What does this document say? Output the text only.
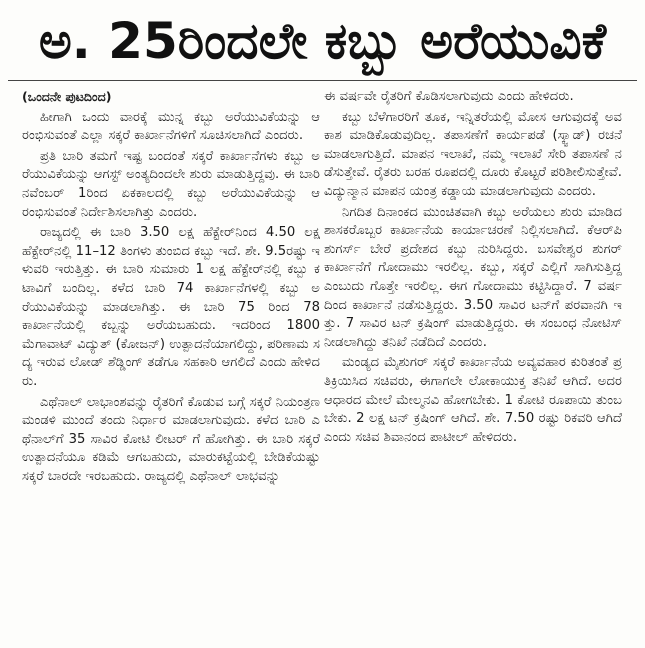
ಅ. 25ರಿಂದಲೇ ಕಬ್ಬು ಅರೆಯುವಿಕೆ

(ಒಂದನೇ ಪುಟದಿಂದ)

ಹೀಗಾಗಿ ಒಂದು ವಾರಕ್ಕೆ ಮುನ್ನ ಕಬ್ಬು ಅರೆಯುವಿಕೆಯನ್ನು ಆರಂಭಿಸುವಂತೆ ಎಲ್ಲಾ ಸಕ್ಕರೆ ಕಾರ್ಖಾನೆಗಳಿಗೆ ಸೂಚಿಸಲಾಗಿದೆ ಎಂದರು.

ಪ್ರತಿ ಬಾರಿ ತಮಗೆ ಇಷ್ಟ ಬಂದಂತೆ ಸಕ್ಕರೆ ಕಾರ್ಖಾನೆಗಳು ಕಬ್ಬು ಅರೆಯುವಿಕೆಯನ್ನು ಆಗಸ್ಟ್ ಅಂತ್ಯದಿಂದಲೇ ಶುರು ಮಾಡುತ್ತಿದ್ದವು. ಈ ಬಾರಿ ನವೆಂಬರ್ 1ರಿಂದ ಏಕಕಾಲದಲ್ಲಿ ಕಬ್ಬು ಅರೆಯುವಿಕೆಯನ್ನು ಆರಂಭಿಸುವಂತೆ ನಿರ್ದೇಶಿಸಲಾಗಿತ್ತು ಎಂದರು.

ರಾಜ್ಯದಲ್ಲಿ ಈ ಬಾರಿ 3.50 ಲಕ್ಷ ಹೆಕ್ಟೇರ್‌ನಿಂದ 4.50 ಲಕ್ಷ ಹೆಕ್ಟೇರ್‌ನಲ್ಲಿ 11–12 ತಿಂಗಳು ತುಂಬಿದ ಕಬ್ಬು ಇದೆ. ಶೇ. 9.5ರಷ್ಟು ಇಳುವರಿ ಇರುತ್ತಿತ್ತು. ಈ ಬಾರಿ ಸುಮಾರು 1 ಲಕ್ಷ ಹೆಕ್ಟೇರ್‌ನಲ್ಲಿ ಕಬ್ಬು ಕಟಾವಿಗೆ ಬಂದಿಲ್ಲ. ಕಳೆದ ಬಾರಿ 74 ಕಾರ್ಖಾನೆಗಳಲ್ಲಿ ಕಬ್ಬು ಅರೆಯುವಿಕೆಯನ್ನು ಮಾಡಲಾಗಿತ್ತು. ಈ ಬಾರಿ 75 ರಿಂದ 78 ಕಾರ್ಖಾನೆಯಲ್ಲಿ ಕಬ್ಬನ್ನು ಅರೆಯಬಹುದು. ಇದರಿಂದ 1800 ಮೆಗಾವಾಟ್ ವಿದ್ಯುತ್ (ಕೋಜನ್) ಉತ್ಪಾದನೆಯಾಗಲಿದ್ದು, ಪರಿಣಾಮ ಸದ್ಯ ಇರುವ ಲೋಡ್ ಶೆಡ್ಡಿಂಗ್ ತಡೆಗೂ ಸಹಕಾರಿ ಆಗಲಿದೆ ಎಂದು ಹೇಳಿದರು.

ಎಥೆನಾಲ್ ಲಾಭಾಂಶವನ್ನು ರೈತರಿಗೆ ಕೊಡುವ ಬಗ್ಗೆ ಸಕ್ಕರೆ ನಿಯಂತ್ರಣ ಮಂಡಳಿ ಮುಂದೆ ತಂದು ನಿರ್ಧಾರ ಮಾಡಲಾಗುವುದು. ಕಳೆದ ಬಾರಿ ಎಥೆನಾಲ್‌ಗೆ 35 ಸಾವಿರ ಕೋಟಿ ಲೀಟರ್ ಗೆ ಹೋಗಿತ್ತು. ಈ ಬಾರಿ ಸಕ್ಕರೆ ಉತ್ಪಾದನೆಯೂ ಕಡಿಮೆ ಆಗಬಹುದು, ಮಾರುಕಟ್ಟೆಯಲ್ಲಿ ಬೇಡಿಕೆಯಷ್ಟು ಸಕ್ಕರೆ ಬಾರದೇ ಇರಬಹುದು. ರಾಜ್ಯದಲ್ಲಿ ಎಥೆನಾಲ್ ಲಾಭವನ್ನು

ಈ ವರ್ಷವೇ ರೈತರಿಗೆ ಕೊಡಿಸಲಾಗುವುದು ಎಂದು ಹೇಳಿದರು.

ಕಬ್ಬು ಬೆಳೆಗಾರರಿಗೆ ತೂಕ, ಇನ್ನಿತರೆಯಲ್ಲಿ ಮೋಸ ಆಗುವುದಕ್ಕೆ ಅವಕಾಶ ಮಾಡಿಕೊಡುವುದಿಲ್ಲ. ತಪಾಸಣೆಗೆ ಕಾರ್ಯಪಡೆ (ಸ್ಕ್ವಾಡ್) ರಚನೆ ಮಾಡಲಾಗುತ್ತಿದೆ. ಮಾಪನ ಇಲಾಖೆ, ನಮ್ಮ ಇಲಾಖೆ ಸೇರಿ ತಪಾಸಣೆ ನಡೆಸುತ್ತೇವೆ. ರೈತರು ಬರಹ ರೂಪದಲ್ಲಿ ದೂರು ಕೊಟ್ಟರೆ ಪರಿಶೀಲಿಸುತ್ತೇವೆ. ವಿದ್ಯುನ್ಮಾನ ಮಾಪನ ಯಂತ್ರ ಕಡ್ಡಾಯ ಮಾಡಲಾಗುವುದು ಎಂದರು.

ನಿಗದಿತ ದಿನಾಂಕದ ಮುಂಚಿತವಾಗಿ ಕಬ್ಬು ಅರೆಯಲು ಶುರು ಮಾಡಿದ ಶಾಸಕರೊಬ್ಬರ ಕಾರ್ಖಾನೆಯ ಕಾರ್ಯಾಚರಣೆ ನಿಲ್ಲಿಸಲಾಗಿದೆ. ಕೆಆರ್‌ಪಿ ಶುಗರ್ಸ್ ಬೇರೆ ಪ್ರದೇಶದ ಕಬ್ಬು ನುರಿಸಿದ್ದರು. ಬಸವೇಶ್ವರ ಶುಗರ್ ಕಾರ್ಖಾನೆಗೆ ಗೋದಾಮು ಇರಲಿಲ್ಲ. ಕಬ್ಬು, ಸಕ್ಕರೆ ಎಲ್ಲಿಗೆ ಸಾಗಿಸುತ್ತಿದ್ದ ಎಂಬುದು ಗೊತ್ತೇ ಇರಲಿಲ್ಲ. ಈಗ ಗೋದಾಮು ಕಟ್ಟಿಸಿದ್ದಾರೆ. 7 ವರ್ಷದಿಂದ ಕಾರ್ಖಾನೆ ನಡೆಸುತ್ತಿದ್ದರು. 3.50 ಸಾವಿರ ಟನ್‌ಗೆ ಪರವಾನಗಿ ಇತ್ತು. 7 ಸಾವಿರ ಟನ್ ಕ್ರಷಿಂಗ್ ಮಾಡುತ್ತಿದ್ದರು. ಈ ಸಂಬಂಧ ನೋಟಿಸ್ ನೀಡಲಾಗಿದ್ದು ತನಿಖೆ ನಡೆದಿದೆ ಎಂದರು.

ಮಂಡ್ಯದ ಮೈಶುಗರ್ ಸಕ್ಕರೆ ಕಾರ್ಖಾನೆಯ ಅವ್ಯವಹಾರ ಕುರಿತಂತೆ ಪ್ರತಿಕ್ರಿಯಿಸಿದ ಸಚಿವರು, ಈಗಾಗಲೇ ಲೋಕಾಯುಕ್ತ ತನಿಖೆ ಆಗಿದೆ. ಅದರ ಆಧಾರದ ಮೇಲೆ ಮೇಲ್ಮನವಿ ಹೋಗಬೇಕು. 1 ಕೋಟಿ ರೂಪಾಯಿ ತುಂಬಬೇಕು. 2 ಲಕ್ಷ ಟನ್ ಕ್ರಷಿಂಗ್ ಆಗಿದೆ. ಶೇ. 7.50 ರಷ್ಟು ರಿಕವರಿ ಆಗಿದೆ ಎಂದು ಸಚಿವ ಶಿವಾನಂದ ಪಾಟೀಲ್ ಹೇಳಿದರು.
